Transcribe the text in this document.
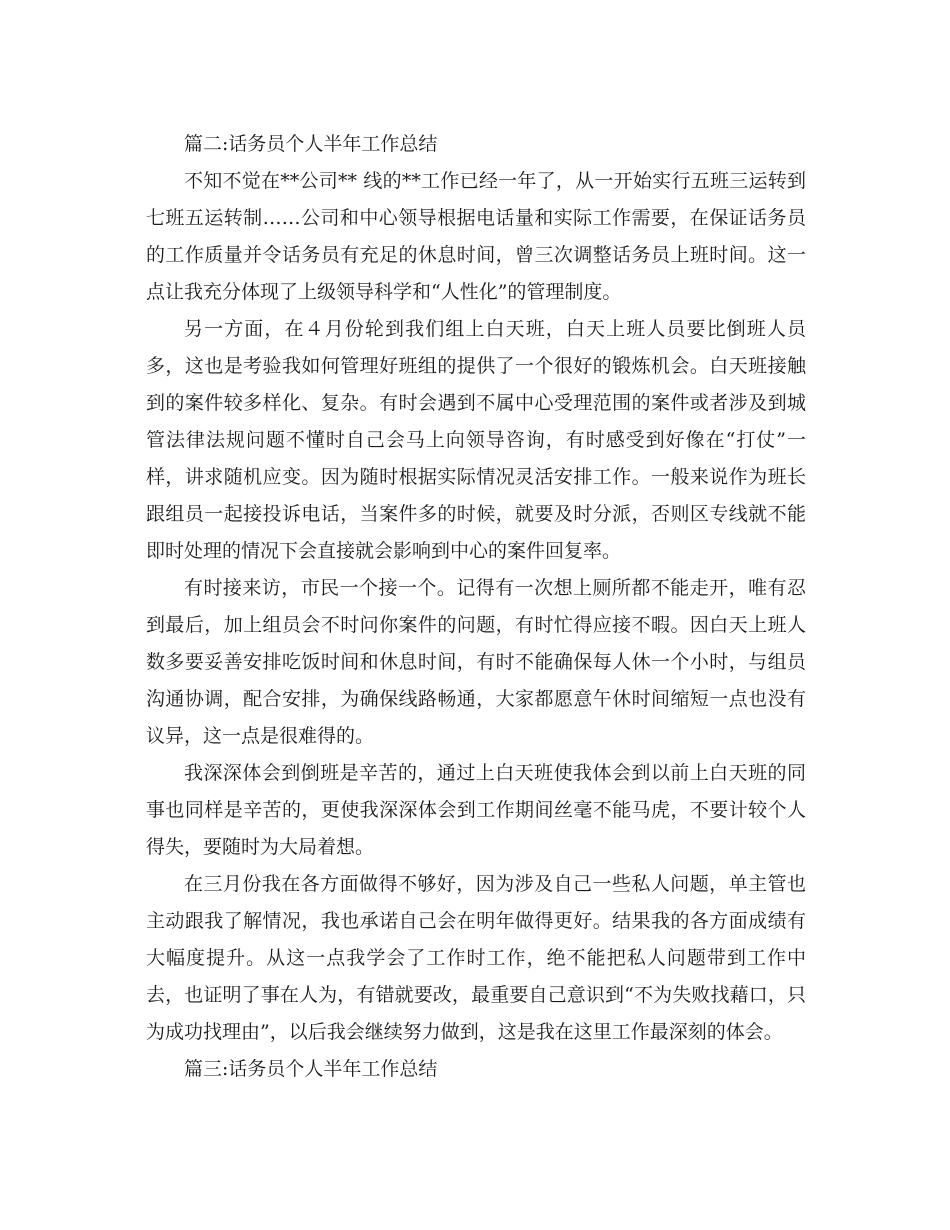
篇二:话务员个人半年工作总结

不知不觉在**公司** 线的**工作已经一年了，从一开始实行五班三运转到七班五运转制……公司和中心领导根据电话量和实际工作需要，在保证话务员的工作质量并令话务员有充足的休息时间，曾三次调整话务员上班时间。这一点让我充分体现了上级领导科学和“人性化”的管理制度。

另一方面，在４月份轮到我们组上白天班，白天上班人员要比倒班人员多，这也是考验我如何管理好班组的提供了一个很好的锻炼机会。白天班接触到的案件较多样化、复杂。有时会遇到不属中心受理范围的案件或者涉及到城管法律法规问题不懂时自己会马上向领导咨询，有时感受到好像在“打仗”一样，讲求随机应变。因为随时根据实际情况灵活安排工作。一般来说作为班长跟组员一起接投诉电话，当案件多的时候，就要及时分派，否则区专线就不能即时处理的情况下会直接就会影响到中心的案件回复率。

有时接来访，市民一个接一个。记得有一次想上厕所都不能走开，唯有忍到最后，加上组员会不时问你案件的问题，有时忙得应接不暇。因白天上班人数多要妥善安排吃饭时间和休息时间，有时不能确保每人休一个小时，与组员沟通协调，配合安排，为确保线路畅通，大家都愿意午休时间缩短一点也没有议异，这一点是很难得的。

我深深体会到倒班是辛苦的，通过上白天班使我体会到以前上白天班的同事也同样是辛苦的，更使我深深体会到工作期间丝毫不能马虎，不要计较个人得失，要随时为大局着想。

在三月份我在各方面做得不够好，因为涉及自己一些私人问题，单主管也主动跟我了解情况，我也承诺自己会在明年做得更好。结果我的各方面成绩有大幅度提升。从这一点我学会了工作时工作，绝不能把私人问题带到工作中去，也证明了事在人为，有错就要改，最重要自己意识到“不为失败找藉口，只为成功找理由”，以后我会继续努力做到，这是我在这里工作最深刻的体会。

篇三:话务员个人半年工作总结
